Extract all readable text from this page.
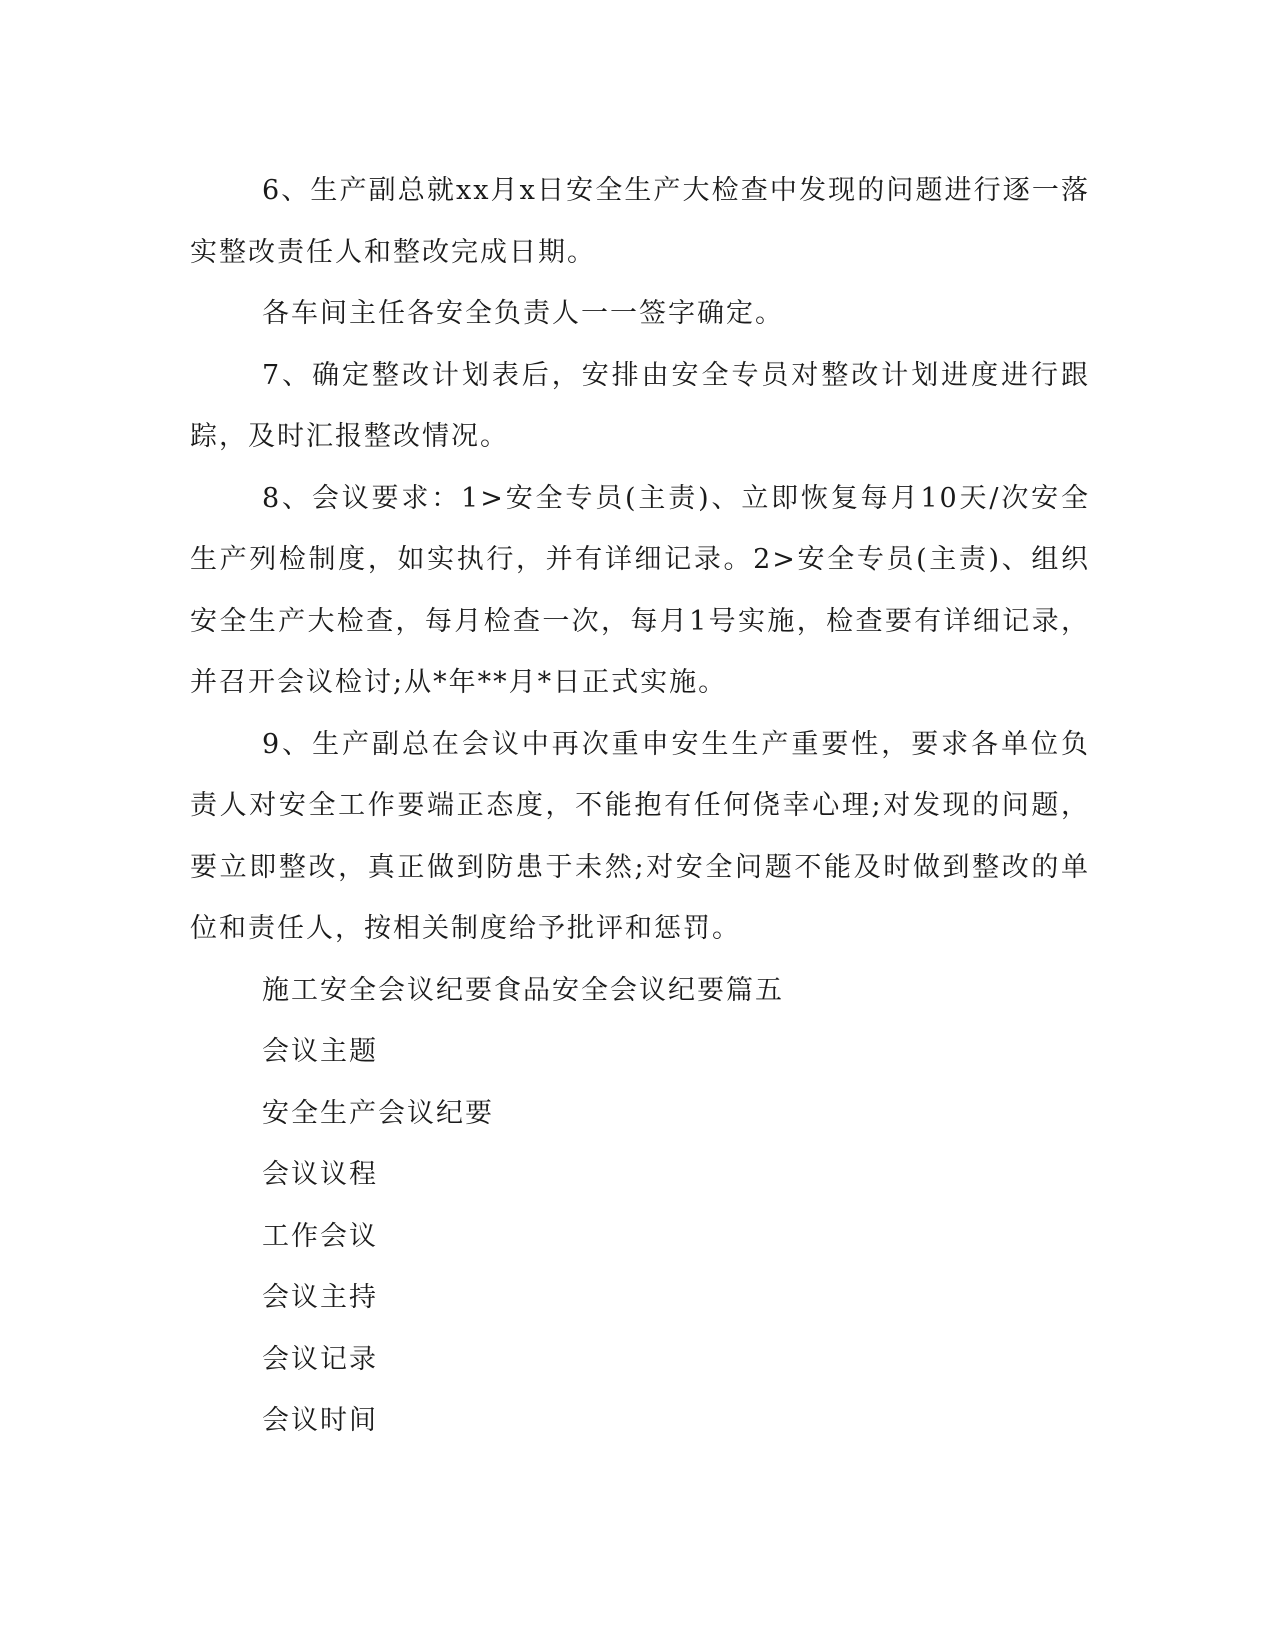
6、生产副总就xx月x日安全生产大检查中发现的问题进行逐一落实整改责任人和整改完成日期。

各车间主任各安全负责人一一签字确定。

7、确定整改计划表后，安排由安全专员对整改计划进度进行跟踪，及时汇报整改情况。

8、会议要求：1>安全专员(主责)、立即恢复每月10天/次安全生产列检制度，如实执行，并有详细记录。2>安全专员(主责)、组织安全生产大检查，每月检查一次，每月1号实施，检查要有详细记录，并召开会议检讨;从*年**月*日正式实施。

9、生产副总在会议中再次重申安生生产重要性，要求各单位负责人对安全工作要端正态度，不能抱有任何侥幸心理;对发现的问题，要立即整改，真正做到防患于未然;对安全问题不能及时做到整改的单位和责任人，按相关制度给予批评和惩罚。

施工安全会议纪要食品安全会议纪要篇五

会议主题

安全生产会议纪要

会议议程

工作会议

会议主持

会议记录

会议时间
